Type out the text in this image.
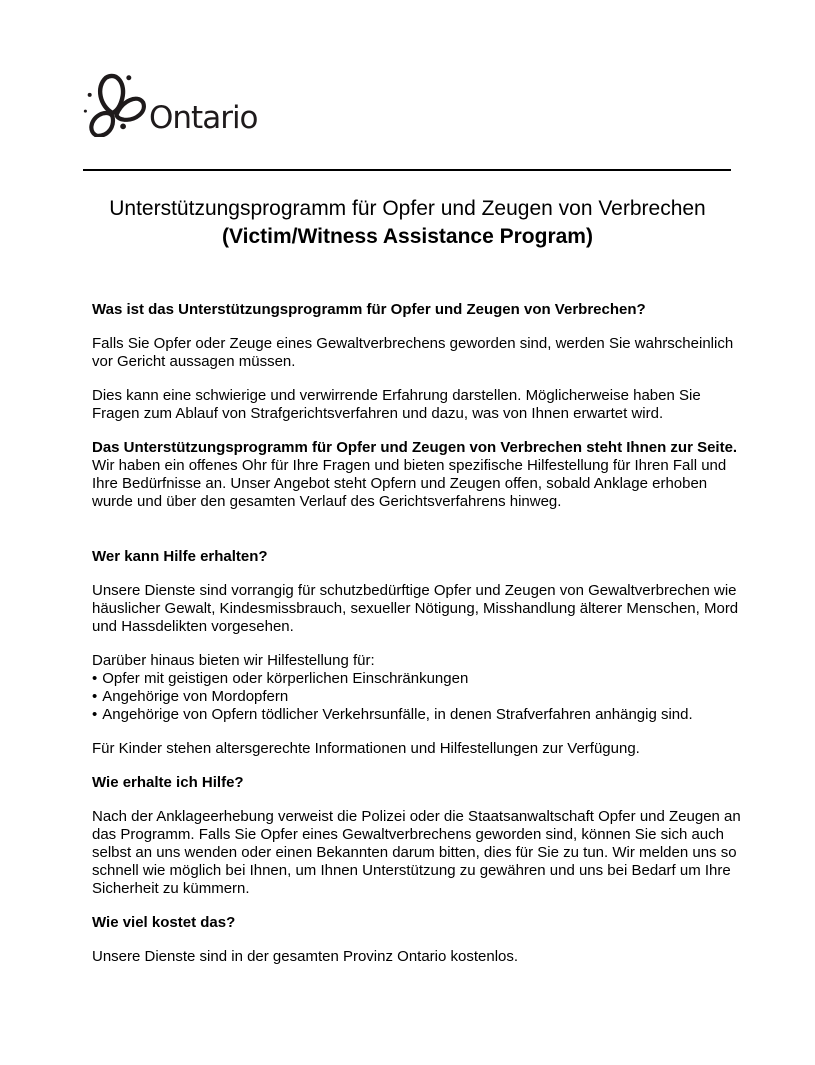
Ontario
Unterstützungsprogramm für Opfer und Zeugen von Verbrechen
(Victim/Witness Assistance Program)
Was ist das Unterstützungsprogramm für Opfer und Zeugen von Verbrechen?

Falls Sie Opfer oder Zeuge eines Gewaltverbrechens geworden sind, werden Sie wahrscheinlich vor Gericht aussagen müssen.

Dies kann eine schwierige und verwirrende Erfahrung darstellen. Möglicherweise haben Sie Fragen zum Ablauf von Strafgerichtsverfahren und dazu, was von Ihnen erwartet wird.

Das Unterstützungsprogramm für Opfer und Zeugen von Verbrechen steht Ihnen zur Seite. Wir haben ein offenes Ohr für Ihre Fragen und bieten spezifische Hilfestellung für Ihren Fall und Ihre Bedürfnisse an. Unser Angebot steht Opfern und Zeugen offen, sobald Anklage erhoben wurde und über den gesamten Verlauf des Gerichtsverfahrens hinweg.

Wer kann Hilfe erhalten?

Unsere Dienste sind vorrangig für schutzbedürftige Opfer und Zeugen von Gewaltverbrechen wie häuslicher Gewalt, Kindesmissbrauch, sexueller Nötigung, Misshandlung älterer Menschen, Mord und Hassdelikten vorgesehen.

Darüber hinaus bieten wir Hilfestellung für:

• Opfer mit geistigen oder körperlichen Einschränkungen
• Angehörige von Mordopfern
• Angehörige von Opfern tödlicher Verkehrsunfälle, in denen Strafverfahren anhängig sind.

Für Kinder stehen altersgerechte Informationen und Hilfestellungen zur Verfügung.

Wie erhalte ich Hilfe?

Nach der Anklageerhebung verweist die Polizei oder die Staatsanwaltschaft Opfer und Zeugen an das Programm. Falls Sie Opfer eines Gewaltverbrechens geworden sind, können Sie sich auch selbst an uns wenden oder einen Bekannten darum bitten, dies für Sie zu tun. Wir melden uns so schnell wie möglich bei Ihnen, um Ihnen Unterstützung zu gewähren und uns bei Bedarf um Ihre Sicherheit zu kümmern.

Wie viel kostet das?

Unsere Dienste sind in der gesamten Provinz Ontario kostenlos.
